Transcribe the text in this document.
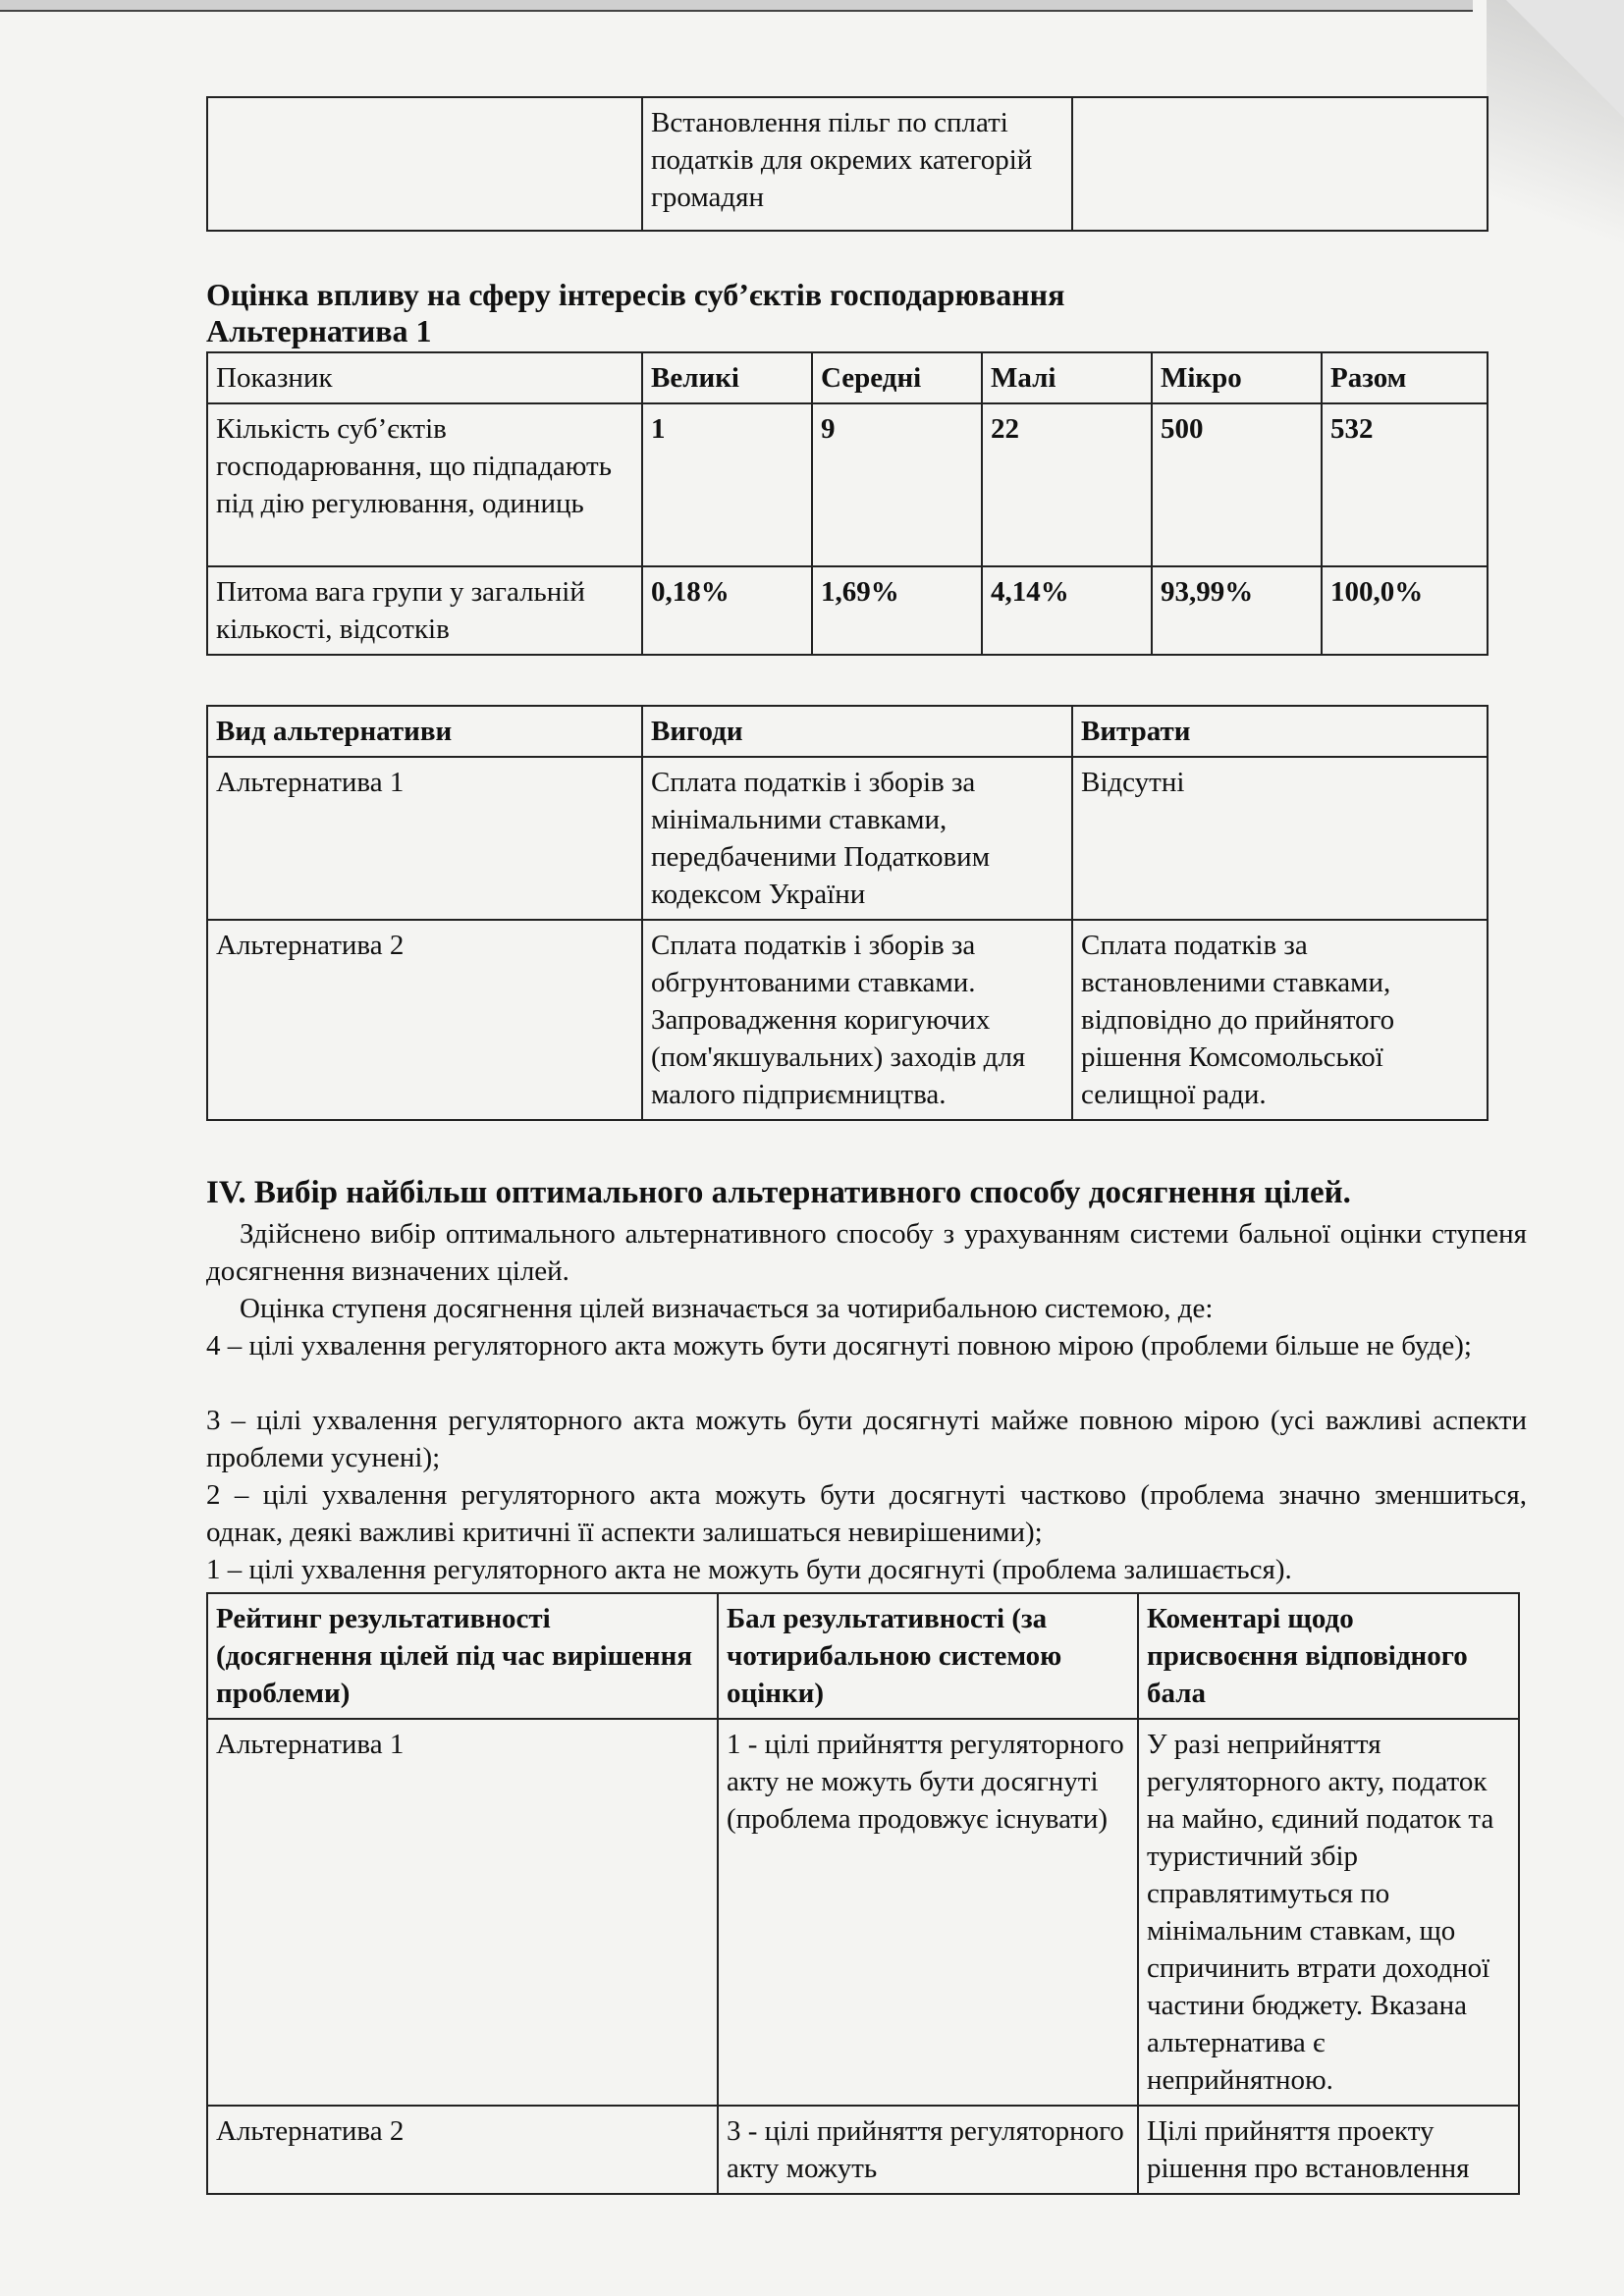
	Встановлення пільг по сплаті податків для окремих категорій громадян	
Оцінка впливу на сферу інтересів суб’єктів господарювання
Альтернатива 1
Показник	Великі	Середні	Малі	Мікро	Разом
Кількість суб’єктів господарювання, що підпадають під дію регулювання, одиниць	1	9	22	500	532
Питома вага групи у загальній кількості, відсотків	0,18%	1,69%	4,14%	93,99%	100,0%
Вид альтернативи	Вигоди	Витрати
Альтернатива 1	Сплата податків і зборів за мінімальними ставками, передбаченими Податковим кодексом України	Відсутні
Альтернатива 2	Сплата податків і зборів за обгрунтованими ставками. Запровадження коригуючих (пом'якшувальних) заходів для малого підприємництва.	Сплата податків за встановленими ставками, відповідно до прийнятого рішення Комсомольської селищної ради.
IV. Вибір найбільш оптимального альтернативного способу досягнення цілей.
Здійснено вибір оптимального альтернативного способу з урахуванням системи бальної оцінки ступеня досягнення визначених цілей.
Оцінка ступеня досягнення цілей визначається за чотирибальною системою, де:
4 – цілі ухвалення регуляторного акта можуть бути досягнуті повною мірою (проблеми більше не буде);
3 – цілі ухвалення регуляторного акта можуть бути досягнуті майже повною мірою (усі важливі аспекти проблеми усунені);
2 – цілі ухвалення регуляторного акта можуть бути досягнуті частково (проблема значно зменшиться, однак, деякі важливі критичні її аспекти залишаться невирішеними);
1 – цілі ухвалення регуляторного акта не можуть бути досягнуті (проблема залишається).
Рейтинг результативності (досягнення цілей під час вирішення проблеми)	Бал результативності (за чотирибальною системою оцінки)	Коментарі щодо присвоєння відповідного бала
Альтернатива 1	1 - цілі прийняття регуляторного акту не можуть бути досягнуті (проблема продовжує існувати)	У разі неприйняття регуляторного акту, податок на майно, єдиний податок та туристичний збір справлятимуться по мінімальним ставкам, що спричинить втрати доходної частини бюджету. Вказана альтернатива є неприйнятною.
Альтернатива 2	3 - цілі прийняття регуляторного акту можуть	Цілі прийняття проекту рішення про встановлення
